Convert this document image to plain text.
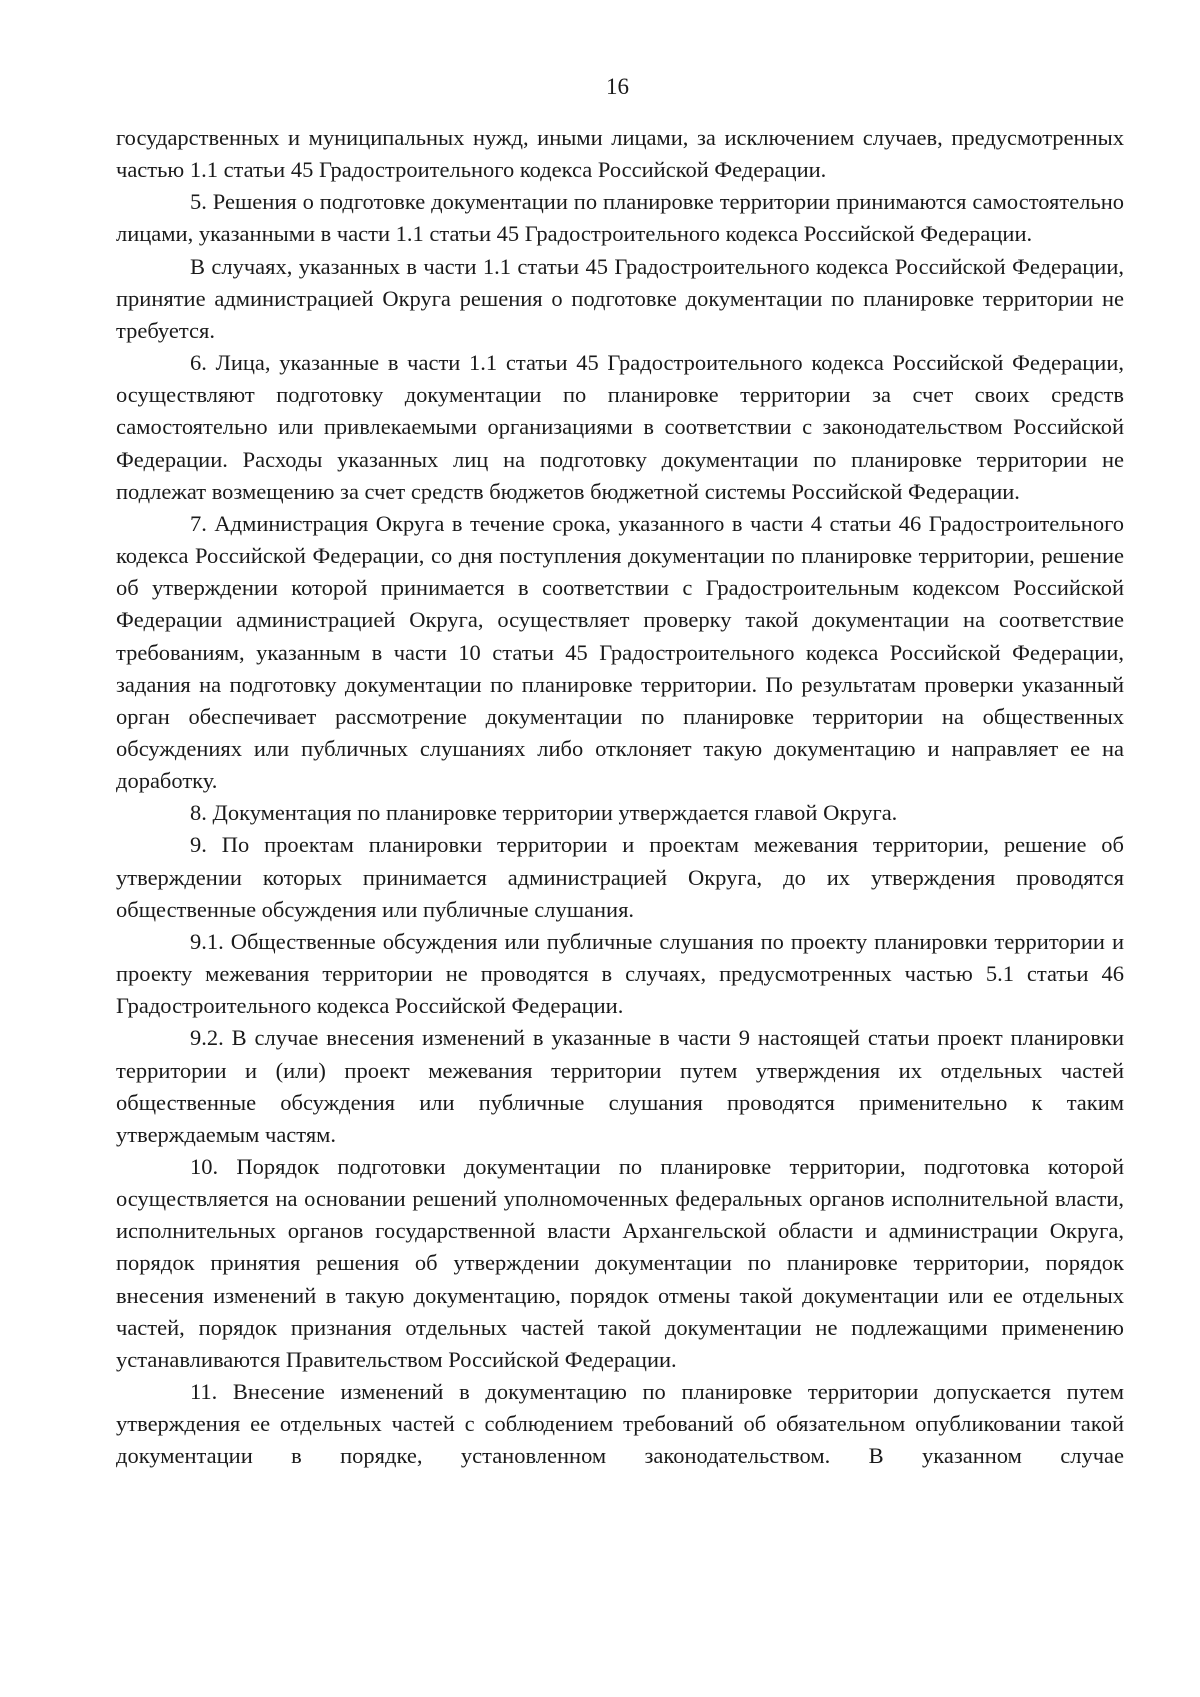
16

государственных и муниципальных нужд, иными лицами, за исключением случаев, предусмотренных частью 1.1 статьи 45 Градостроительного кодекса Российской Федерации.

5. Решения о подготовке документации по планировке территории принимаются самостоятельно лицами, указанными в части 1.1 статьи 45 Градостроительного кодекса Российской Федерации.

В случаях, указанных в части 1.1 статьи 45 Градостроительного кодекса Российской Федерации, принятие администрацией Округа решения о подготовке документации по планировке территории не требуется.

6. Лица, указанные в части 1.1 статьи 45 Градостроительного кодекса Российской Федерации, осуществляют подготовку документации по планировке территории за счет своих средств самостоятельно или привлекаемыми организациями в соответствии с законодательством Российской Федерации. Расходы указанных лиц на подготовку документации по планировке территории не подлежат возмещению за счет средств бюджетов бюджетной системы Российской Федерации.

7. Администрация Округа в течение срока, указанного в части 4 статьи 46 Градостроительного кодекса Российской Федерации, со дня поступления документации по планировке территории, решение об утверждении которой принимается в соответствии с Градостроительным кодексом Российской Федерации администрацией Округа, осуществляет проверку такой документации на соответствие требованиям, указанным в части 10 статьи 45 Градостроительного кодекса Российской Федерации, задания на подготовку документации по планировке территории. По результатам проверки указанный орган обеспечивает рассмотрение документации по планировке территории на общественных обсуждениях или публичных слушаниях либо отклоняет такую документацию и направляет ее на доработку.

8. Документация по планировке территории утверждается главой Округа.

9. По проектам планировки территории и проектам межевания территории, решение об утверждении которых принимается администрацией Округа, до их утверждения проводятся общественные обсуждения или публичные слушания.

9.1. Общественные обсуждения или публичные слушания по проекту планировки территории и проекту межевания территории не проводятся в случаях, предусмотренных частью 5.1 статьи 46 Градостроительного кодекса Российской Федерации.

9.2. В случае внесения изменений в указанные в части 9 настоящей статьи проект планировки территории и (или) проект межевания территории путем утверждения их отдельных частей общественные обсуждения или публичные слушания проводятся применительно к таким утверждаемым частям.

10. Порядок подготовки документации по планировке территории, подготовка которой осуществляется на основании решений уполномоченных федеральных органов исполнительной власти, исполнительных органов государственной власти Архангельской области и администрации Округа, порядок принятия решения об утверждении документации по планировке территории, порядок внесения изменений в такую документацию, порядок отмены такой документации или ее отдельных частей, порядок признания отдельных частей такой документации не подлежащими применению устанавливаются Правительством Российской Федерации.

11. Внесение изменений в документацию по планировке территории допускается путем утверждения ее отдельных частей с соблюдением требований об обязательном опубликовании такой документации в порядке, установленном законодательством. В указанном случае
